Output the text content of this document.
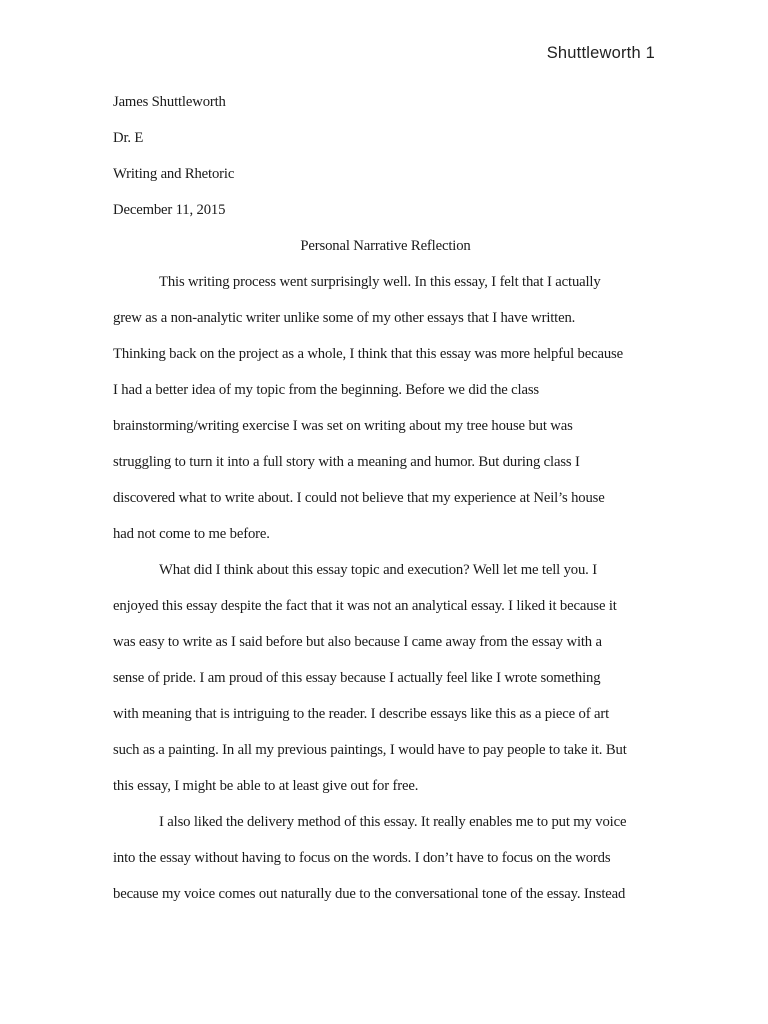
Shuttleworth 1
James Shuttleworth
Dr. E
Writing and Rhetoric
December 11, 2015
Personal Narrative Reflection
This writing process went surprisingly well. In this essay, I felt that I actually
grew as a non-analytic writer unlike some of my other essays that I have written.
Thinking back on the project as a whole, I think that this essay was more helpful because
I had a better idea of my topic from the beginning. Before we did the class
brainstorming/writing exercise I was set on writing about my tree house but was
struggling to turn it into a full story with a meaning and humor. But during class I
discovered what to write about. I could not believe that my experience at Neil’s house
had not come to me before.
What did I think about this essay topic and execution? Well let me tell you. I
enjoyed this essay despite the fact that it was not an analytical essay. I liked it because it
was easy to write as I said before but also because I came away from the essay with a
sense of pride. I am proud of this essay because I actually feel like I wrote something
with meaning that is intriguing to the reader. I describe essays like this as a piece of art
such as a painting. In all my previous paintings, I would have to pay people to take it. But
this essay, I might be able to at least give out for free.
I also liked the delivery method of this essay. It really enables me to put my voice
into the essay without having to focus on the words. I don’t have to focus on the words
because my voice comes out naturally due to the conversational tone of the essay. Instead
